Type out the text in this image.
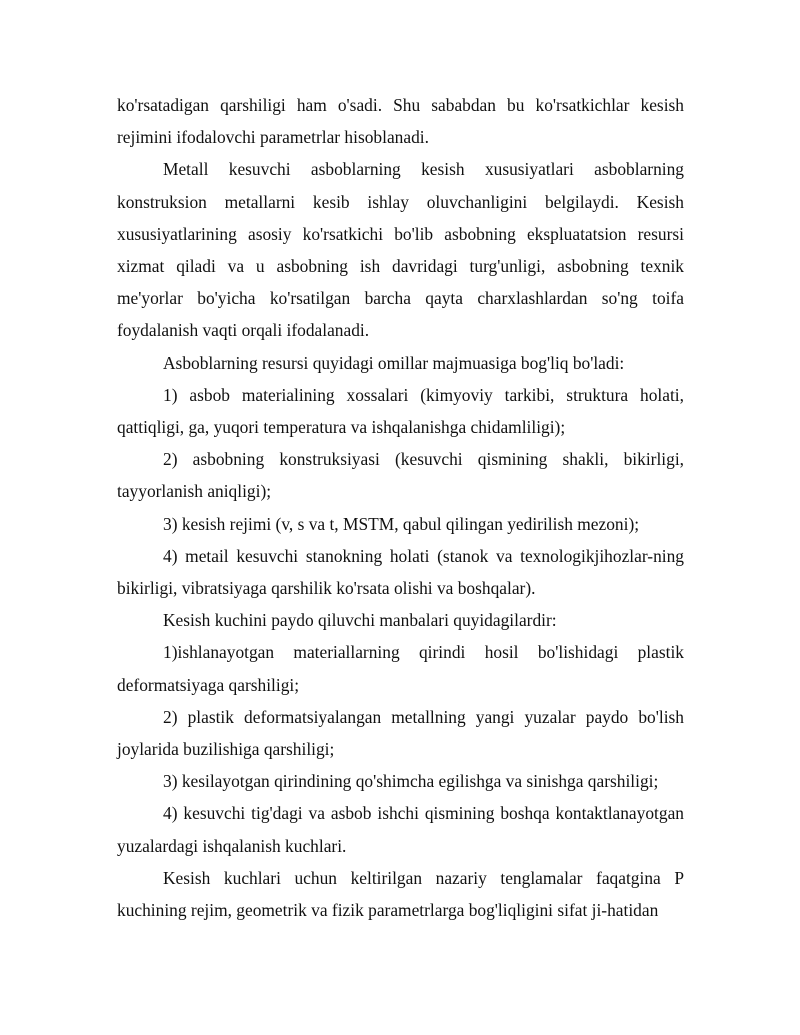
ko'rsatadigan qarshiligi ham o'sadi. Shu sababdan bu ko'rsatkichlar kesish rejimini ifodalovchi parametrlar hisoblanadi.

Metall kesuvchi asboblarning kesish xususiyatlari asboblarning konstruksion metallarni kesib ishlay oluvchanligini belgilaydi. Kesish xususiyatlarining asosiy ko'rsatkichi bo'lib asbobning ekspluatatsion resursi xizmat qiladi va u asbobning ish davridagi turg'unligi, asbobning texnik me'yorlar bo'yicha ko'rsatilgan barcha qayta charxlashlardan so'ng toifa foydalanish vaqti orqali ifodalanadi.

Asboblarning resursi quyidagi omillar majmuasiga bog'liq bo'ladi:

1) asbob materialining xossalari (kimyoviy tarkibi, struktura holati, qattiqligi, ga, yuqori temperatura va ishqalanishga chidamliligi);

2) asbobning konstruksiyasi (kesuvchi qismining shakli, bikirligi, tayyorlanish aniqligi);

3) kesish rejimi (v, s va t, MSTM, qabul qilingan yedirilish mezoni);

4) metail kesuvchi stanokning holati (stanok va texnologikjihozlar-ning bikirligi, vibratsiyaga qarshilik ko'rsata olishi va boshqalar).

Kesish kuchini paydo qiluvchi manbalari quyidagilardir:

1)ishlanayotgan materiallarning qirindi hosil bo'lishidagi plastik deformatsiyaga qarshiligi;

2) plastik deformatsiyalangan metallning yangi yuzalar paydo bo'lish joylarida buzilishiga qarshiligi;

3) kesilayotgan qirindining qo'shimcha egilishga va sinishga qarshiligi;

4) kesuvchi tig'dagi va asbob ishchi qismining boshqa kontaktlanayotgan yuzalardagi ishqalanish kuchlari.

Kesish kuchlari uchun keltirilgan nazariy tenglamalar faqatgina P kuchining rejim, geometrik va fizik parametrlarga bog'liqligini sifat ji-hatidan
